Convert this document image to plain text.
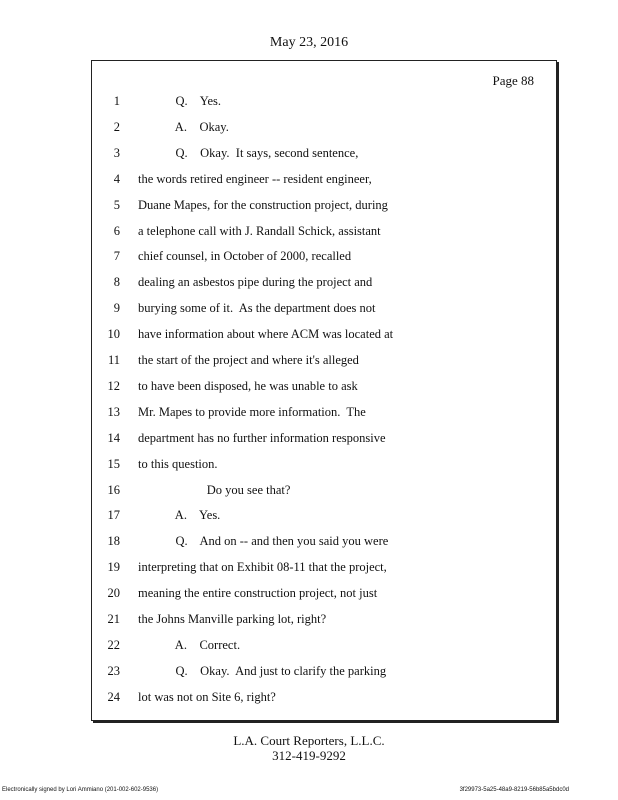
May 23, 2016
Page 88
1 Q.    Yes.
2 A.    Okay.
3 Q.    Okay.  It says, second sentence,
4 the words retired engineer -- resident engineer,
5 Duane Mapes, for the construction project, during
6 a telephone call with J. Randall Schick, assistant
7 chief counsel, in October of 2000, recalled
8 dealing an asbestos pipe during the project and
9 burying some of it.  As the department does not
10 have information about where ACM was located at
11 the start of the project and where it's alleged
12 to have been disposed, he was unable to ask
13 Mr. Mapes to provide more information.  The
14 department has no further information responsive
15 to this question.
16 Do you see that?
17 A.    Yes.
18 Q.    And on -- and then you said you were
19 interpreting that on Exhibit 08-11 that the project,
20 meaning the entire construction project, not just
21 the Johns Manville parking lot, right?
22 A.    Correct.
23 Q.    Okay.  And just to clarify the parking
24 lot was not on Site 6, right?
L.A. Court Reporters, L.L.C.
312-419-9292
Electronically signed by Lori Ammiano (201-002-602-9536)	3f29973-5a25-48a9-8219-56b85a5bdc0d
